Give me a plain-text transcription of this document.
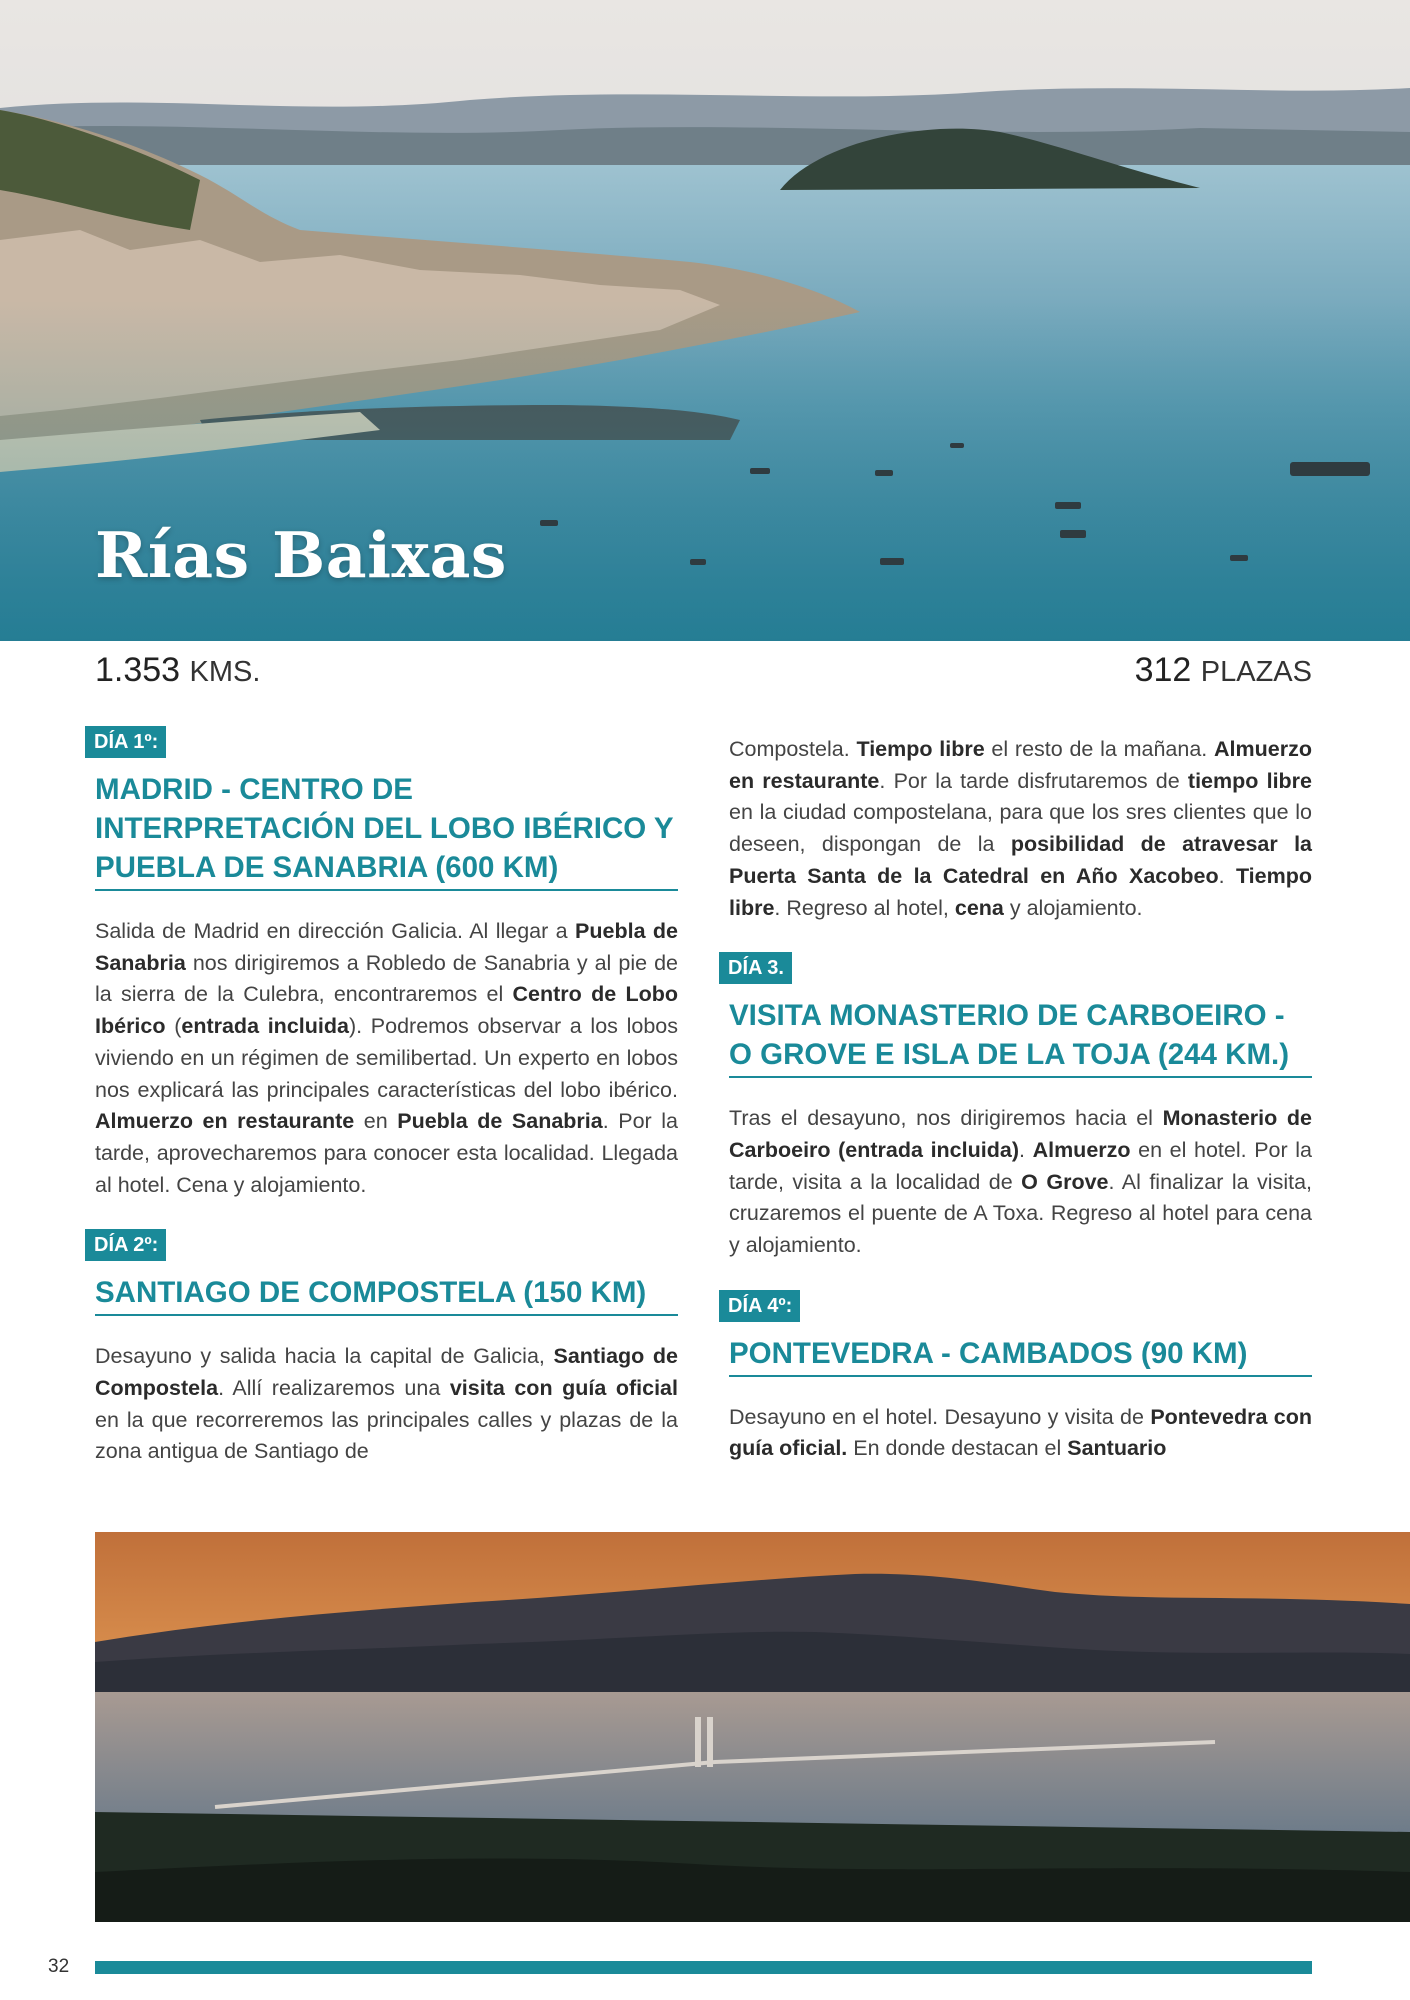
Rías Baixas
1.353 KMS.	312 PLAZAS
DÍA 1º:
MADRID - CENTRO DE INTERPRETACIÓN DEL LOBO IBÉRICO Y PUEBLA DE SANABRIA (600 KM)

Salida de Madrid en dirección Galicia. Al llegar a Puebla de Sanabria nos dirigiremos a Robledo de Sanabria y al pie de la sierra de la Culebra, encontraremos el Centro de Lobo Ibérico (entrada incluida). Podremos observar a los lobos viviendo en un régimen de semilibertad. Un experto en lobos nos explicará las principales características del lobo ibérico. Almuerzo en restaurante en Puebla de Sanabria. Por la tarde, aprovecharemos para conocer esta localidad. Llegada al hotel. Cena y alojamiento.

DÍA 2º:
SANTIAGO DE COMPOSTELA (150 KM)

Desayuno y salida hacia la capital de Galicia, Santiago de Compostela. Allí realizaremos una visita con guía oficial en la que recorreremos las principales calles y plazas de la zona antigua de Santiago de

Compostela. Tiempo libre el resto de la mañana. Almuerzo en restaurante. Por la tarde disfrutaremos de tiempo libre en la ciudad compostelana, para que los sres clientes que lo deseen, dispongan de la posibilidad de atravesar la Puerta Santa de la Catedral en Año Xacobeo. Tiempo libre. Regreso al hotel, cena y alojamiento.

DÍA 3.
VISITA MONASTERIO DE CARBOEIRO - O GROVE E ISLA DE LA TOJA (244 KM.)

Tras el desayuno, nos dirigiremos hacia el Monasterio de Carboeiro (entrada incluida). Almuerzo en el hotel. Por la tarde, visita a la localidad de O Grove. Al finalizar la visita, cruzaremos el puente de A Toxa. Regreso al hotel para cena y alojamiento.

DÍA 4º:
PONTEVEDRA - CAMBADOS (90 KM)

Desayuno en el hotel. Desayuno y visita de Pontevedra con guía oficial. En donde destacan el Santuario

32
